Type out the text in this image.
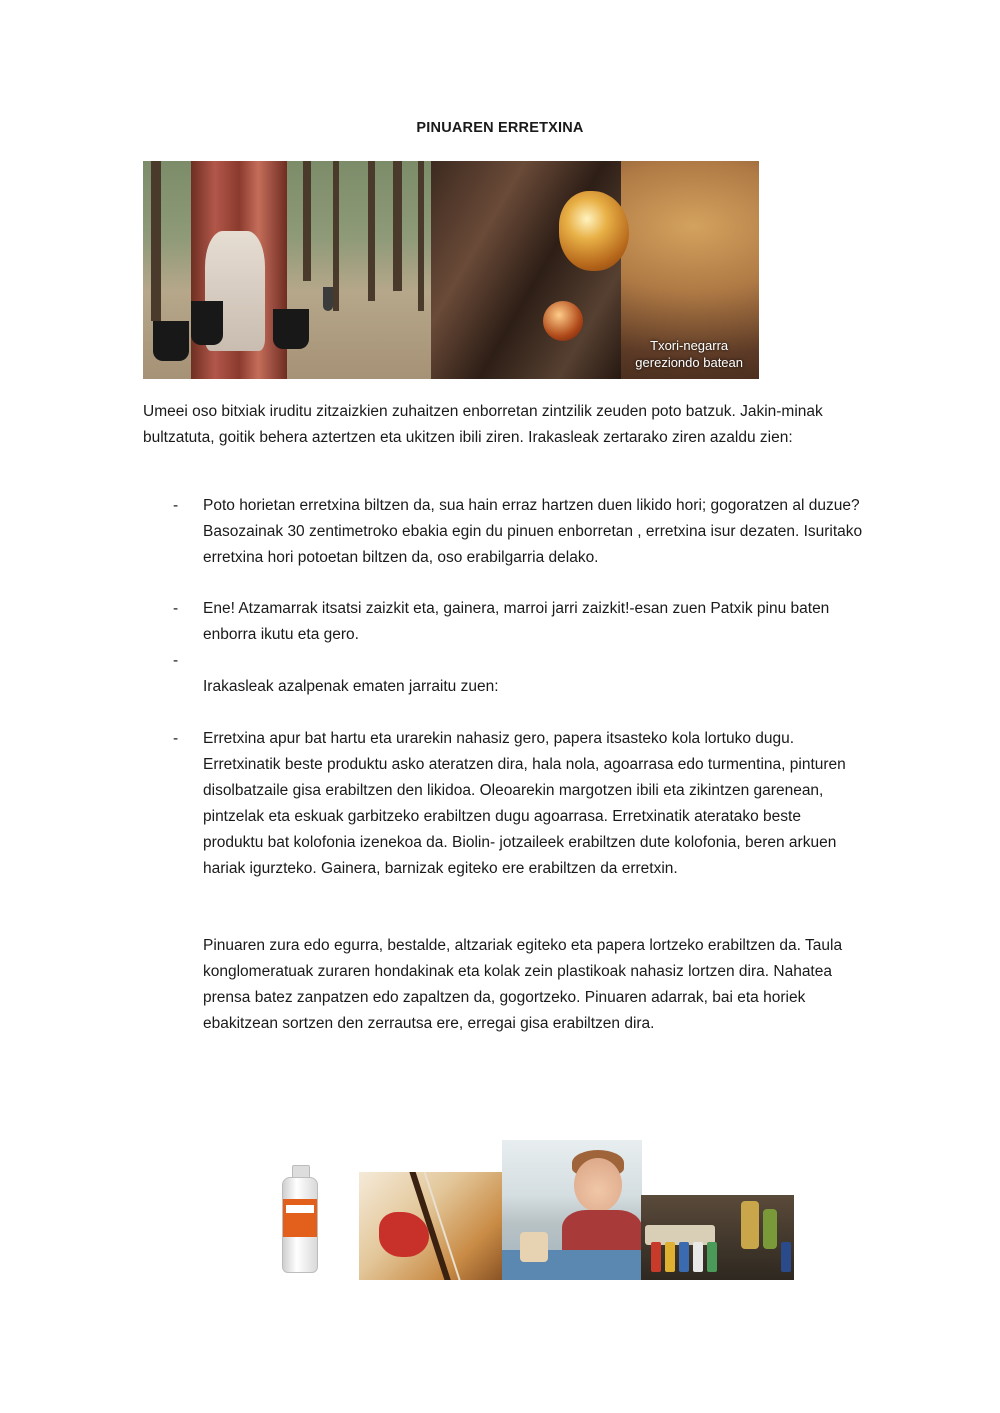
PINUAREN ERRETXINA
Txori-negarra
gereziondo batean
Umeei oso bitxiak iruditu zitzaizkien zuhaitzen enborretan zintzilik zeuden poto batzuk. Jakin-minak bultzatuta, goitik behera aztertzen eta ukitzen ibili ziren. Irakasleak zertarako ziren azaldu zien:
- Poto horietan erretxina biltzen da, sua hain erraz hartzen duen likido hori; gogoratzen al duzue? Basozainak 30 zentimetroko ebakia egin du pinuen enborretan , erretxina isur dezaten. Isuritako erretxina hori potoetan biltzen da, oso erabilgarria delako.
- Ene! Atzamarrak itsatsi zaizkit eta, gainera, marroi jarri zaizkit!-esan zuen Patxik pinu baten enborra ikutu eta gero.
-
Irakasleak azalpenak ematen jarraitu zuen:
- Erretxina apur bat hartu eta urarekin nahasiz gero, papera itsasteko kola lortuko dugu. Erretxinatik beste produktu asko ateratzen dira, hala nola, agoarrasa edo turmentina, pinturen disolbatzaile gisa erabiltzen den likidoa. Oleoarekin margotzen ibili eta zikintzen garenean, pintzelak eta eskuak garbitzeko erabiltzen dugu agoarrasa. Erretxinatik ateratako beste produktu bat kolofonia izenekoa da. Biolin- jotzaileek erabiltzen dute kolofonia, beren arkuen hariak igurzteko. Gainera, barnizak egiteko ere erabiltzen da erretxin.
Pinuaren zura edo egurra, bestalde, altzariak egiteko eta papera lortzeko erabiltzen da. Taula konglomeratuak zuraren hondakinak eta kolak zein plastikoak nahasiz lortzen dira. Nahatea prensa batez zanpatzen edo zapaltzen da, gogortzeko. Pinuaren adarrak, bai eta horiek ebakitzean sortzen den zerrautsa ere, erregai gisa erabiltzen dira.
